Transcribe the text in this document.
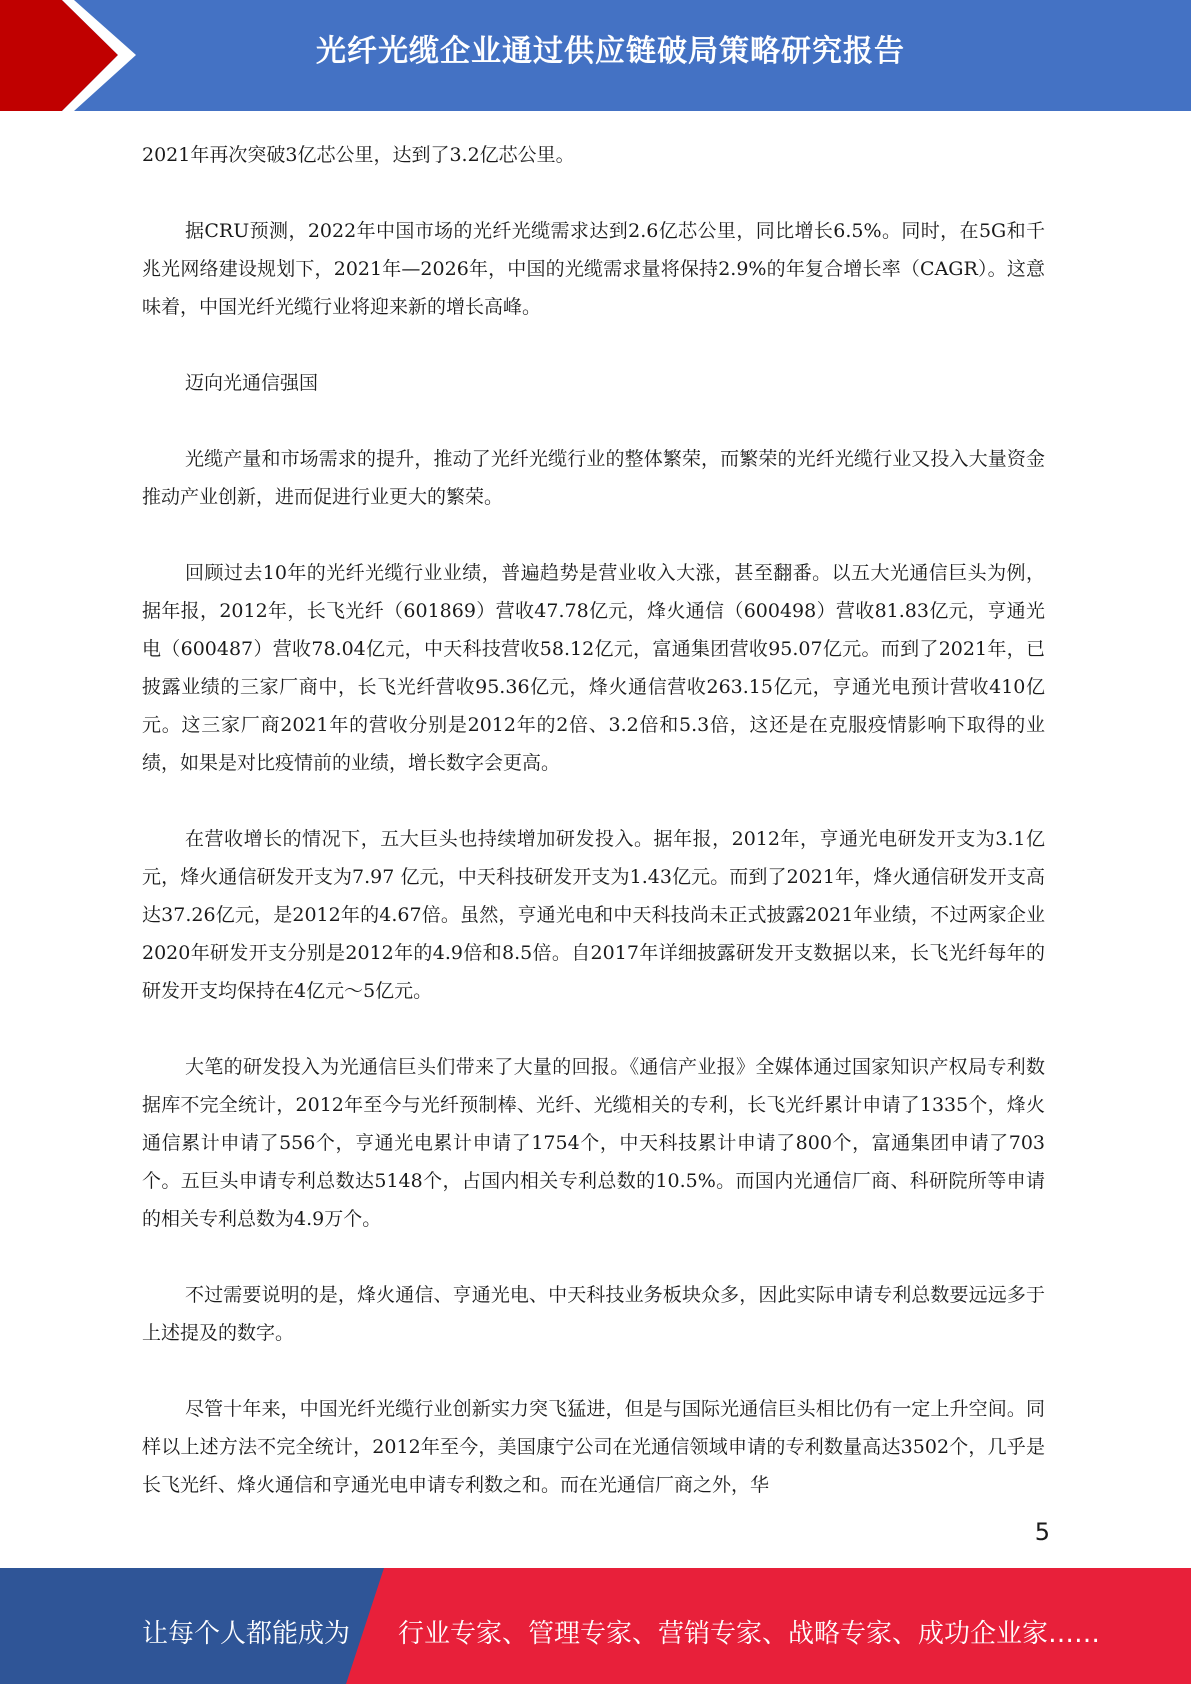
光纤光缆企业通过供应链破局策略研究报告

2021年再次突破3亿芯公里，达到了3.2亿芯公里。

据CRU预测，2022年中国市场的光纤光缆需求达到2.6亿芯公里，同比增长6.5%。同时，在5G和千兆光网络建设规划下，2021年—2026年，中国的光缆需求量将保持2.9%的年复合增长率（CAGR）。这意味着，中国光纤光缆行业将迎来新的增长高峰。

迈向光通信强国

光缆产量和市场需求的提升，推动了光纤光缆行业的整体繁荣，而繁荣的光纤光缆行业又投入大量资金推动产业创新，进而促进行业更大的繁荣。

回顾过去10年的光纤光缆行业业绩，普遍趋势是营业收入大涨，甚至翻番。以五大光通信巨头为例，据年报，2012年，长飞光纤（601869）营收47.78亿元，烽火通信（600498）营收81.83亿元，亨通光电（600487）营收78.04亿元，中天科技营收58.12亿元，富通集团营收95.07亿元。而到了2021年，已披露业绩的三家厂商中，长飞光纤营收95.36亿元，烽火通信营收263.15亿元，亨通光电预计营收410亿元。这三家厂商2021年的营收分别是2012年的2倍、3.2倍和5.3倍，这还是在克服疫情影响下取得的业绩，如果是对比疫情前的业绩，增长数字会更高。

在营收增长的情况下，五大巨头也持续增加研发投入。据年报，2012年，亨通光电研发开支为3.1亿元，烽火通信研发开支为7.97 亿元，中天科技研发开支为1.43亿元。而到了2021年，烽火通信研发开支高达37.26亿元，是2012年的4.67倍。虽然，亨通光电和中天科技尚未正式披露2021年业绩，不过两家企业2020年研发开支分别是2012年的4.9倍和8.5倍。自2017年详细披露研发开支数据以来，长飞光纤每年的研发开支均保持在4亿元～5亿元。

大笔的研发投入为光通信巨头们带来了大量的回报。《通信产业报》全媒体通过国家知识产权局专利数据库不完全统计，2012年至今与光纤预制棒、光纤、光缆相关的专利，长飞光纤累计申请了1335个，烽火通信累计申请了556个，亨通光电累计申请了1754个，中天科技累计申请了800个，富通集团申请了703个。五巨头申请专利总数达5148个，占国内相关专利总数的10.5%。而国内光通信厂商、科研院所等申请的相关专利总数为4.9万个。

不过需要说明的是，烽火通信、亨通光电、中天科技业务板块众多，因此实际申请专利总数要远远多于上述提及的数字。

尽管十年来，中国光纤光缆行业创新实力突飞猛进，但是与国际光通信巨头相比仍有一定上升空间。同样以上述方法不完全统计，2012年至今，美国康宁公司在光通信领域申请的专利数量高达3502个，几乎是长飞光纤、烽火通信和亨通光电申请专利数之和。而在光通信厂商之外，华

5
让每个人都能成为 行业专家、管理专家、营销专家、战略专家、成功企业家……
